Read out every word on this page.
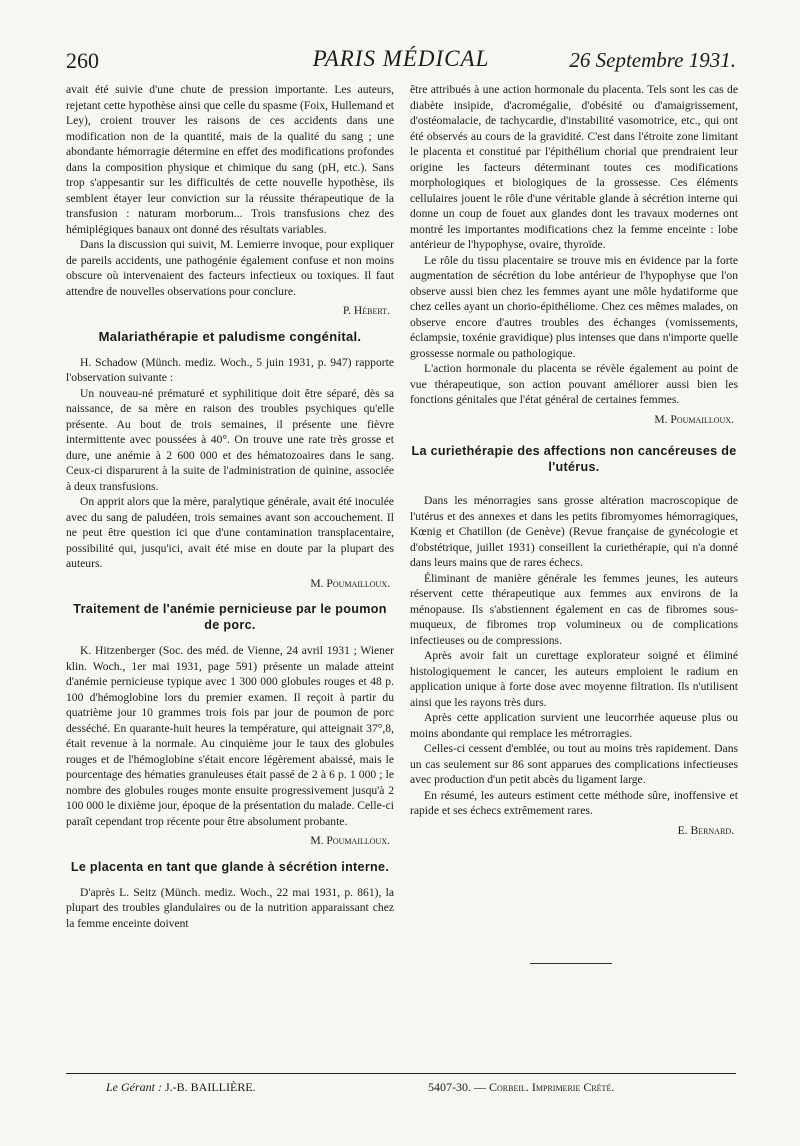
260	PARIS MÉDICAL	26 Septembre 1931.

avait été suivie d'une chute de pression importante. Les auteurs, rejetant cette hypothèse ainsi que celle du spasme (Foix, Hullemand et Ley), croient trouver les raisons de ces accidents dans une modification non de la quantité, mais de la qualité du sang ; une abondante hémorragie détermine en effet des modifications profondes dans la composition physique et chimique du sang (pH, etc.). Sans trop s'appesantir sur les difficultés de cette nouvelle hypothèse, ils semblent étayer leur conviction sur la réussite thérapeutique de la transfusion : naturam morborum... Trois transfusions chez des hémiplégiques banaux ont donné des résultats variables.

Dans la discussion qui suivit, M. Lemierre invoque, pour expliquer de pareils accidents, une pathogénie également confuse et non moins obscure où intervenaient des facteurs infectieux ou toxiques. Il faut attendre de nouvelles observations pour conclure.

P. Hébert.
Malariathérapie et paludisme congénital.

H. Schadow (Münch. mediz. Woch., 5 juin 1931, p. 947) rapporte l'observation suivante :

Un nouveau-né prématuré et syphilitique doit être séparé, dès sa naissance, de sa mère en raison des troubles psychiques qu'elle présente. Au bout de trois semaines, il présente une fièvre intermittente avec poussées à 40°. On trouve une rate très grosse et dure, une anémie à 2 600 000 et des hématozoaires dans le sang. Ceux-ci disparurent à la suite de l'administration de quinine, associée à deux transfusions.

On apprit alors que la mère, paralytique générale, avait été inoculée avec du sang de paludéen, trois semaines avant son accouchement. Il ne peut être question ici que d'une contamination transplacentaire, possibilité qui, jusqu'ici, avait été mise en doute par la plupart des auteurs.

M. Poumailloux.
Traitement de l'anémie pernicieuse par le poumon de porc.

K. Hitzenberger (Soc. des méd. de Vienne, 24 avril 1931 ; Wiener klin. Woch., 1er mai 1931, page 591) présente un malade atteint d'anémie pernicieuse typique avec 1 300 000 globules rouges et 48 p. 100 d'hémoglobine lors du premier examen. Il reçoit à partir du quatrième jour 10 grammes trois fois par jour de poumon de porc desséché. En quarante-huit heures la température, qui atteignait 37°,8, était revenue à la normale. Au cinquième jour le taux des globules rouges et de l'hémoglobine s'était encore légèrement abaissé, mais le pourcentage des hématies granuleuses était passé de 2 à 6 p. 1 000 ; le nombre des globules rouges monte ensuite progressivement jusqu'à 2 100 000 le dixième jour, époque de la présentation du malade. Celle-ci paraît cependant trop récente pour être absolument probante.

M. Poumailloux.
Le placenta en tant que glande à sécrétion interne.

D'après L. Seitz (Münch. mediz. Woch., 22 mai 1931, p. 861), la plupart des troubles glandulaires ou de la nutrition apparaissant chez la femme enceinte doivent

être attribués à une action hormonale du placenta. Tels sont les cas de diabète insipide, d'acromégalie, d'obésité ou d'amaigrissement, d'ostéomalacie, de tachycardie, d'instabilité vasomotrice, etc., qui ont été observés au cours de la gravidité. C'est dans l'étroite zone limitant le placenta et constitué par l'épithélium chorial que prendraient leur origine les facteurs déterminant toutes ces modifications morphologiques et biologiques de la grossesse. Ces éléments cellulaires jouent le rôle d'une véritable glande à sécrétion interne qui donne un coup de fouet aux glandes dont les travaux modernes ont montré les importantes modifications chez la femme enceinte : lobe antérieur de l'hypophyse, ovaire, thyroïde.

Le rôle du tissu placentaire se trouve mis en évidence par la forte augmentation de sécrétion du lobe antérieur de l'hypophyse que l'on observe aussi bien chez les femmes ayant une môle hydatiforme que chez celles ayant un chorio-épithéliome. Chez ces mêmes malades, on observe encore d'autres troubles des échanges (vomissements, éclampsie, toxénie gravidique) plus intenses que dans n'importe quelle grossesse normale ou pathologique.

L'action hormonale du placenta se révèle également au point de vue thérapeutique, son action pouvant améliorer aussi bien les fonctions génitales que l'état général de certaines femmes.

M. Poumailloux.
La curiethérapie des affections non cancéreuses de l'utérus.

Dans les ménorragies sans grosse altération macroscopique de l'utérus et des annexes et dans les petits fibromyomes hémorragiques, Kœnig et Chatillon (de Genève) (Revue française de gynécologie et d'obstétrique, juillet 1931) conseillent la curiethérapie, qui n'a donné dans leurs mains que de rares échecs.

Éliminant de manière générale les femmes jeunes, les auteurs réservent cette thérapeutique aux femmes aux environs de la ménopause. Ils s'abstiennent également en cas de fibromes sous-muqueux, de fibromes trop volumineux ou de complications infectieuses ou de compressions.

Après avoir fait un curettage explorateur soigné et éliminé histologiquement le cancer, les auteurs emploient le radium en application unique à forte dose avec moyenne filtration. Ils n'utilisent ainsi que les rayons très durs.

Après cette application survient une leucorrhée aqueuse plus ou moins abondante qui remplace les métrorragies.

Celles-ci cessent d'emblée, ou tout au moins très rapidement. Dans un cas seulement sur 86 sont apparues des complications infectieuses avec production d'un petit abcès du ligament large.

En résumé, les auteurs estiment cette méthode sûre, inoffensive et rapide et ses échecs extrêmement rares.

E. Bernard.
Le Gérant : J.-B. BAILLIÈRE.	5407-30. — Corbeil. Imprimerie Crété.
